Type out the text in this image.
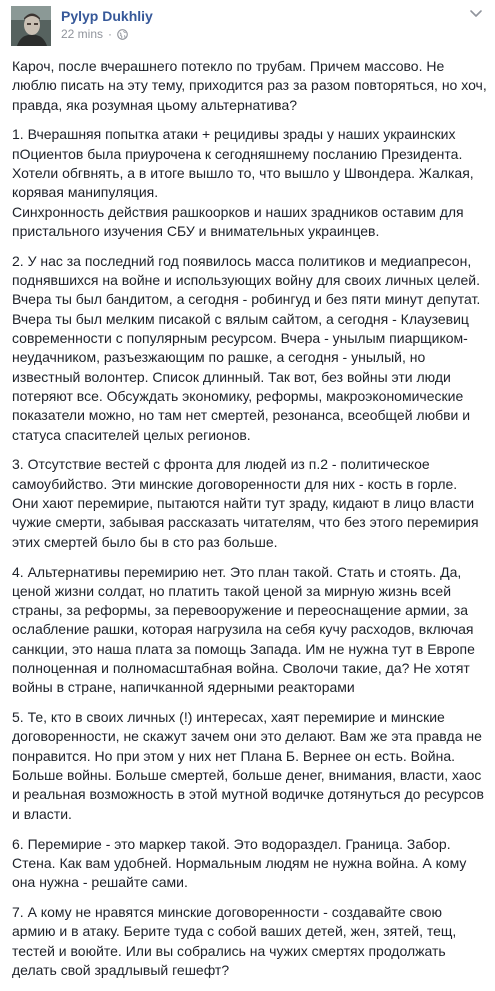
Pylyp Dukhliy
22 mins ·

Кароч, после вчерашнего потекло по трубам. Причем массово. Не люблю писать на эту тему, приходится раз за разом повторяться, но хоч, правда, яка розумная цьому альтернатива?

1. Вчерашняя попытка атаки + рецидивы зрады у наших украинских пОциентов была приурочена к сегодняшнему посланию Президента. Хотели обгвнять, а в итоге вышло то, что вышло у Швондера. Жалкая, корявая манипуляция.
Синхронность действия рашкоорков и наших зрадников оставим для пристального изучения СБУ и внимательных украинцев.

2. У нас за последний год появилось масса политиков и медиапресон, поднявшихся на войне и использующих войну для своих личных целей. Вчера ты был бандитом, а сегодня - робингуд и без пяти минут депутат. Вчера ты был мелким писакой с вялым сайтом, а сегодня - Клаузевиц современности с популярным ресурсом. Вчера - унылым пиарщиком-неудачником, разъезжающим по рашке, а сегодня - унылый, но известный волонтер. Список длинный. Так вот, без войны эти люди потеряют все. Обсуждать экономику, реформы, макроэкономические показатели можно, но там нет смертей, резонанса, всеобщей любви и статуса спасителей целых регионов.

3. Отсутствие вестей с фронта для людей из п.2 - политическое самоубийство. Эти минские договоренности для них - кость в горле. Они хают перемирие, пытаются найти тут зраду, кидают в лицо власти чужие смерти, забывая рассказать читателям, что без этого перемирия этих смертей было бы в сто раз больше.

4. Альтернативы перемирию нет. Это план такой. Стать и стоять. Да, ценой жизни солдат, но платить такой ценой за мирную жизнь всей страны, за реформы, за перевооружение и переоснащение армии, за ослабление рашки, которая нагрузила на себя кучу расходов, включая санкции, это наша плата за помощь Запада. Им не нужна тут в Европе полноценная и полномасштабная война. Сволочи такие, да? Не хотят войны в стране, напичканной ядерными реакторами

5. Те, кто в своих личных (!) интересах, хаят перемирие и минские договоренности, не скажут зачем они это делают. Вам же эта правда не понравится. Но при этом у них нет Плана Б. Вернее он есть. Война. Больше войны. Больше смертей, больше денег, внимания, власти, хаос и реальная возможность в этой мутной водичке дотянуться до ресурсов и власти.

6. Перемирие - это маркер такой. Это водораздел. Граница. Забор. Стена. Как вам удобней. Нормальным людям не нужна война. А кому она нужна - решайте сами.

7. А кому не нравятся минские договоренности - создавайте свою армию и в атаку. Берите туда с собой ваших детей, жен, зятей, тещ, тестей и воюйте. Или вы собрались на чужих смертях продолжать делать свой зрадлывый гешефт?
